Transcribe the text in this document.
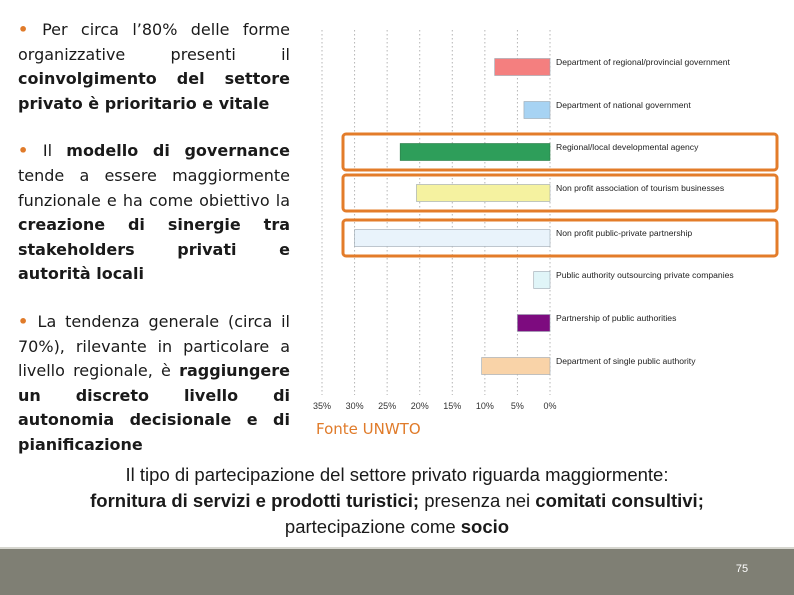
• Per circa l’80% delle forme organizzative presenti il coinvolgimento del settore privato è prioritario e vitale

• Il modello di governance tende a essere maggiormente funzionale e ha come obiettivo la creazione di sinergie tra stakeholders privati e autorità locali

• La tendenza generale (circa il 70%), rilevante in particolare a livello regionale, è raggiungere un discreto livello di autonomia decisionale e di pianificazione

35% 30% 25% 20% 15% 10% 5% 0%
Department of regional/provincial government
Department of national government
Regional/local developmental agency
Non profit association of tourism businesses
Non profit public-private partnership
Public authority outsourcing private companies
Partnership of public authorities
Department of single public authority
Fonte UNWTO
Il tipo di partecipazione del settore privato riguarda maggiormente:
fornitura di servizi e prodotti turistici; presenza nei comitati consultivi;
partecipazione come socio
75
